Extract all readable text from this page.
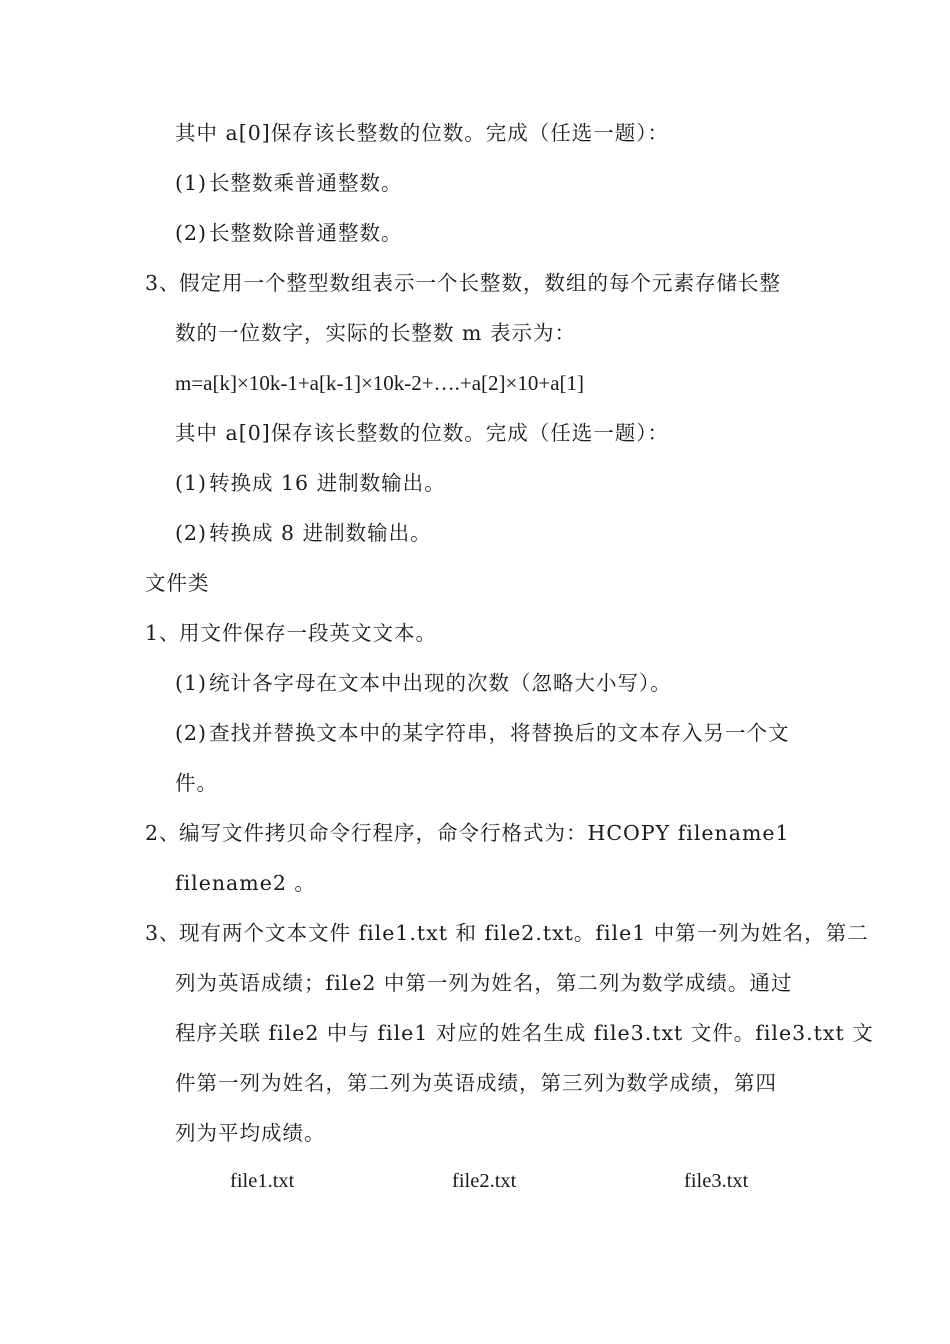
其中 a[0]保存该长整数的位数。完成（任选一题）：
(1)长整数乘普通整数。
(2)长整数除普通整数。
3、假定用一个整型数组表示一个长整数，数组的每个元素存储长整
数的一位数字，实际的长整数 m 表示为：
m=a[k]×10k-1+a[k-1]×10k-2+….+a[2]×10+a[1]
其中 a[0]保存该长整数的位数。完成（任选一题）：
(1)转换成 16 进制数输出。
(2)转换成 8 进制数输出。
文件类
1、用文件保存一段英文文本。
(1)统计各字母在文本中出现的次数（忽略大小写）。
(2)查找并替换文本中的某字符串，将替换后的文本存入另一个文
件。
2、编写文件拷贝命令行程序，命令行格式为：HCOPY filename1
filename2 。
3、现有两个文本文件 file1.txt 和 file2.txt。file1 中第一列为姓名，第二
列为英语成绩；file2 中第一列为姓名，第二列为数学成绩。通过
程序关联 file2 中与 file1 对应的姓名生成 file3.txt 文件。file3.txt 文
件第一列为姓名，第二列为英语成绩，第三列为数学成绩，第四
列为平均成绩。
file1.txt	file2.txt	file3.txt
